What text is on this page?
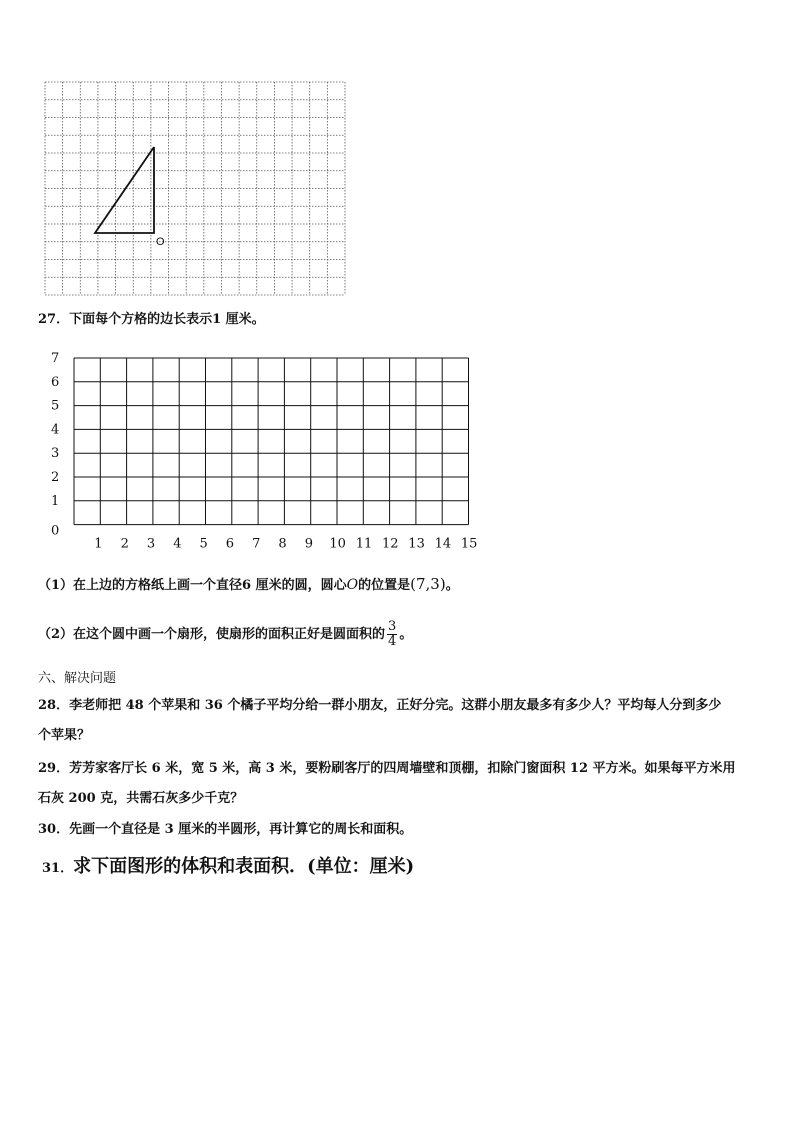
O
27．下面每个方格的边长表示1 厘米。
0
1
2
3
4
5
6
7
1 2 3 4 5 6 7 8 9 10 11 12 13 14 15
（1）在上边的方格纸上画一个直径6 厘米的圆，圆心O的位置是(7,3)。
（2）在这个圆中画一个扇形，使扇形的面积正好是圆面积的 $\frac{3}{4}$ 。
六、解决问题
28．李老师把 48 个苹果和 36 个橘子平均分给一群小朋友，正好分完。这群小朋友最多有多少人？平均每人分到多少
个苹果？
29．芳芳家客厅长 6 米，宽 5 米，高 3 米，要粉刷客厅的四周墙壁和顶棚，扣除门窗面积 12 平方米。如果每平方米用
石灰 200 克，共需石灰多少千克？
30．先画一个直径是 3 厘米的半圆形，再计算它的周长和面积。
31．求下面图形的体积和表面积．(单位：厘米)
